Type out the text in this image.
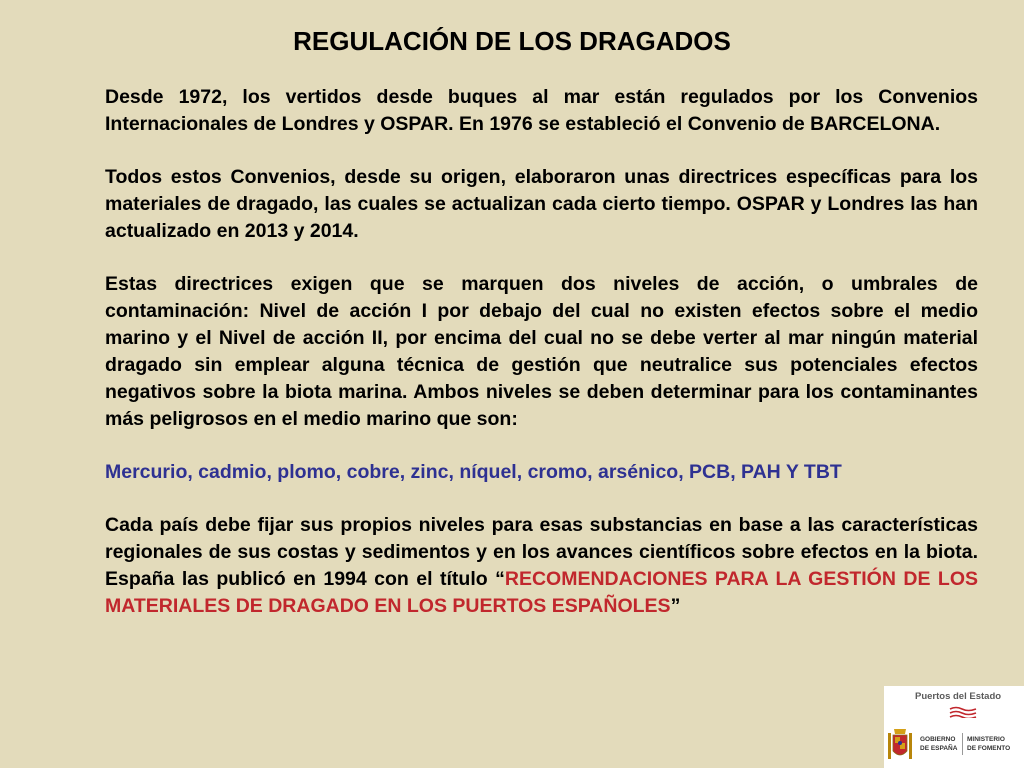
REGULACIÓN DE LOS DRAGADOS

Desde 1972, los vertidos desde buques al mar están regulados por los Convenios Internacionales de Londres y OSPAR. En 1976 se estableció el Convenio de BARCELONA.

Todos estos Convenios, desde su origen, elaboraron unas directrices específicas para los materiales de dragado, las cuales se actualizan cada cierto tiempo. OSPAR y Londres las han actualizado en 2013 y 2014.

Estas directrices exigen que se marquen dos niveles de acción, o umbrales de contaminación: Nivel de acción I por debajo del cual no existen efectos sobre el medio marino y el Nivel de acción II, por encima del cual no se debe verter al mar ningún material dragado sin emplear alguna técnica de gestión que neutralice sus potenciales efectos negativos sobre la biota marina. Ambos niveles se deben determinar para los contaminantes más peligrosos en el medio marino que son:

Mercurio, cadmio, plomo, cobre, zinc, níquel, cromo, arsénico, PCB, PAH Y TBT

Cada país debe fijar sus propios niveles para esas substancias en base a las características regionales de sus costas y sedimentos y en los avances científicos sobre efectos en la biota. España las publicó en 1994 con el título “RECOMENDACIONES PARA LA GESTIÓN DE LOS MATERIALES DE DRAGADO EN LOS PUERTOS ESPAÑOLES”

Puertos del Estado
GOBIERNO
DE ESPAÑA
MINISTERIO
DE FOMENTO
